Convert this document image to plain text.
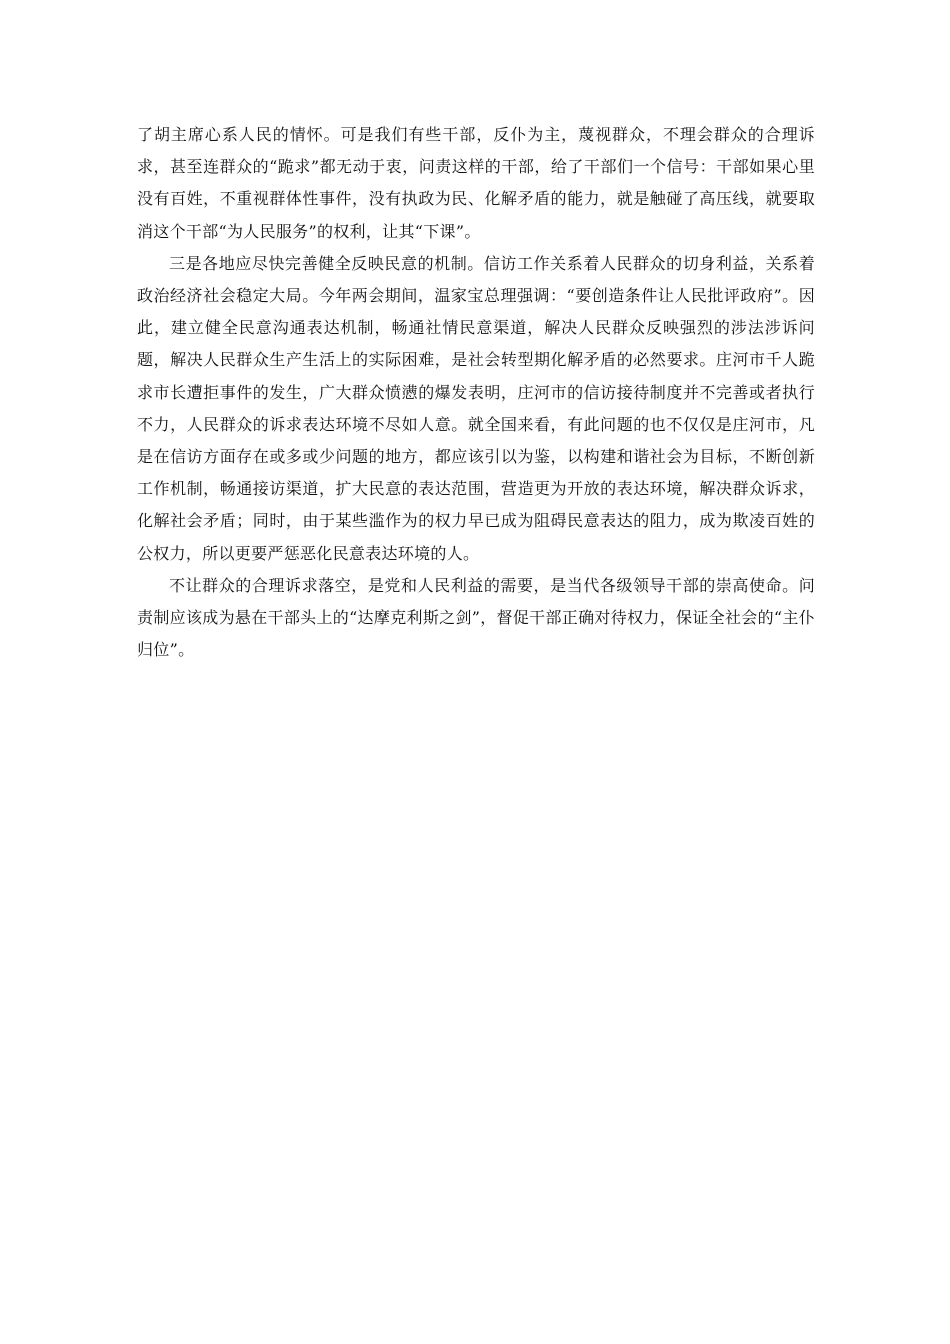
了胡主席心系人民的情怀。可是我们有些干部，反仆为主，蔑视群众，不理会群众的合理诉求，甚至连群众的“跪求”都无动于衷，问责这样的干部，给了干部们一个信号：干部如果心里没有百姓，不重视群体性事件，没有执政为民、化解矛盾的能力，就是触碰了高压线，就要取消这个干部“为人民服务”的权利，让其“下课”。

三是各地应尽快完善健全反映民意的机制。信访工作关系着人民群众的切身利益，关系着政治经济社会稳定大局。今年两会期间，温家宝总理强调：“要创造条件让人民批评政府”。因此，建立健全民意沟通表达机制，畅通社情民意渠道，解决人民群众反映强烈的涉法涉诉问题，解决人民群众生产生活上的实际困难，是社会转型期化解矛盾的必然要求。庄河市千人跪求市长遭拒事件的发生，广大群众愤懑的爆发表明，庄河市的信访接待制度并不完善或者执行不力，人民群众的诉求表达环境不尽如人意。就全国来看，有此问题的也不仅仅是庄河市，凡是在信访方面存在或多或少问题的地方，都应该引以为鉴，以构建和谐社会为目标，不断创新工作机制，畅通接访渠道，扩大民意的表达范围，营造更为开放的表达环境，解决群众诉求，化解社会矛盾；同时，由于某些滥作为的权力早已成为阻碍民意表达的阻力，成为欺凌百姓的公权力，所以更要严惩恶化民意表达环境的人。

不让群众的合理诉求落空，是党和人民利益的需要，是当代各级领导干部的崇高使命。问责制应该成为悬在干部头上的“达摩克利斯之剑”，督促干部正确对待权力，保证全社会的“主仆归位”。
